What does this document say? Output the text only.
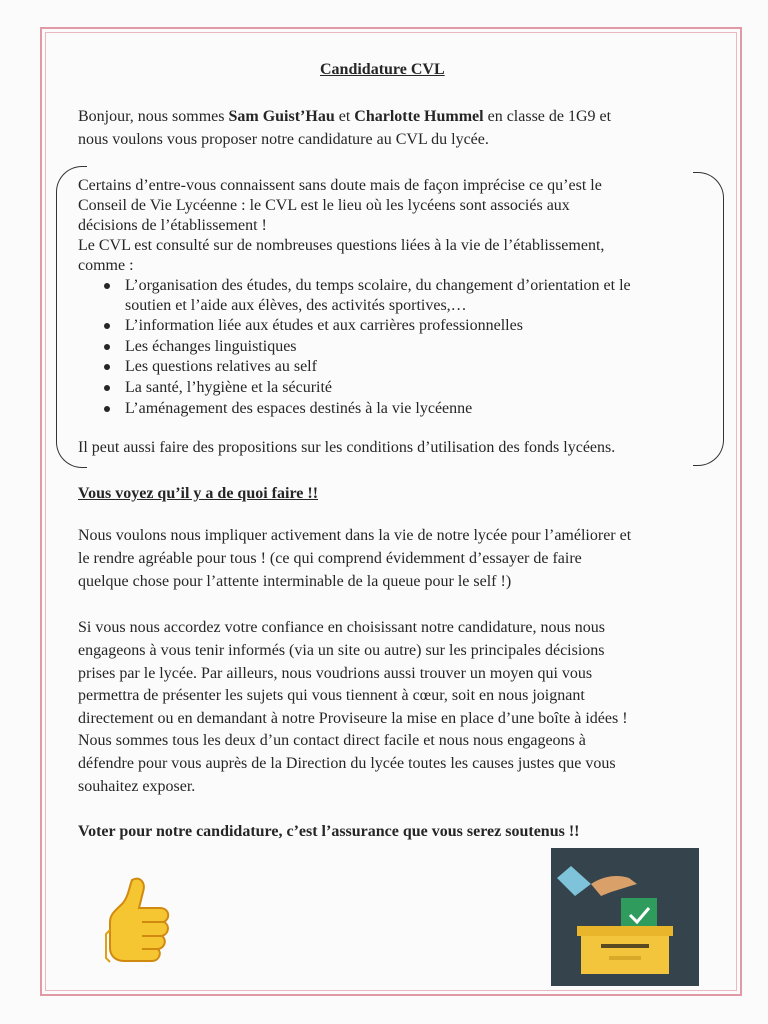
Candidature CVL
Bonjour, nous sommes Sam Guist’Hau et Charlotte Hummel en classe de 1G9 et
nous voulons vous proposer notre candidature au CVL du lycée.
Certains d’entre-vous connaissent sans doute mais de façon imprécise ce qu’est le
Conseil de Vie Lycéenne : le CVL est le lieu où les lycéens sont associés aux
décisions de l’établissement !
Le CVL est consulté sur de nombreuses questions liées à la vie de l’établissement,
comme :
L’organisation des études, du temps scolaire, du changement d’orientation et le
soutien et l’aide aux élèves, des activités sportives,…
L’information liée aux études et aux carrières professionnelles
Les échanges linguistiques
Les questions relatives au self
La santé, l’hygiène et la sécurité
L’aménagement des espaces destinés à la vie lycéenne
Il peut aussi faire des propositions sur les conditions d’utilisation des fonds lycéens.
Vous voyez qu’il y a de quoi faire !!
Nous voulons nous impliquer activement dans la vie de notre lycée pour l’améliorer et
le rendre agréable pour tous ! (ce qui comprend évidemment d’essayer de faire
quelque chose pour l’attente interminable de la queue pour le self !)
Si vous nous accordez votre confiance en choisissant notre candidature, nous nous
engageons à vous tenir informés (via un site ou autre) sur les principales décisions
prises par le lycée. Par ailleurs, nous voudrions aussi trouver un moyen qui vous
permettra de présenter les sujets qui vous tiennent à cœur, soit en nous joignant
directement ou en demandant à notre Proviseure la mise en place d’une boîte à idées !
Nous sommes tous les deux d’un contact direct facile et nous nous engageons à
défendre pour vous auprès de la Direction du lycée toutes les causes justes que vous
souhaitez exposer.
Voter pour notre candidature, c’est l’assurance que vous serez soutenus !!
